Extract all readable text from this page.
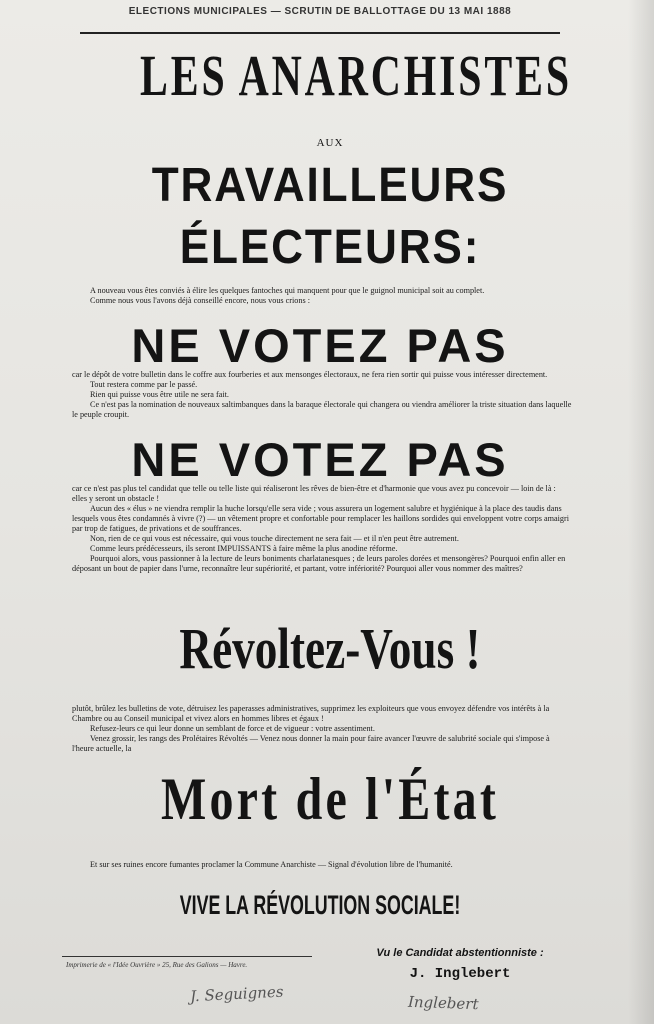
ELECTIONS MUNICIPALES — SCRUTIN DE BALLOTTAGE DU 13 MAI 1888
LES ANARCHISTES
AUX
TRAVAILLEURS
ÉLECTEURS:
A nouveau vous êtes conviés à élire les quelques fantoches qui manquent pour que le guignol municipal soit au complet.
Comme nous vous l'avons déjà conseillé encore, nous vous crions :
NE VOTEZ PAS
car le dépôt de votre bulletin dans le coffre aux fourberies et aux mensonges électoraux, ne fera rien sortir qui puisse vous intéresser directement.
Tout restera comme par le passé.
Rien qui puisse vous être utile ne sera fait.
Ce n'est pas la nomination de nouveaux saltimbanques dans la baraque électorale qui changera ou viendra améliorer la triste situation dans laquelle le peuple croupit.
NE VOTEZ PAS
car ce n'est pas plus tel candidat que telle ou telle liste qui réaliseront les rêves de bien-être et d'harmonie que vous avez pu concevoir — loin de là : elles y seront un obstacle !
Aucun des « élus » ne viendra remplir la huche lorsqu'elle sera vide ; vous assurera un logement salubre et hygiénique à la place des taudis dans lesquels vous êtes condamnés à vivre (?) — un vêtement propre et confortable pour remplacer les haillons sordides qui enveloppent votre corps amaigri par trop de fatigues, de privations et de souffrances.
Non, rien de ce qui vous est nécessaire, qui vous touche directement ne sera fait — et il n'en peut être autrement.
Comme leurs prédécesseurs, ils seront IMPUISSANTS à faire même la plus anodine réforme.
Pourquoi alors, vous passionner à la lecture de leurs boniments charlatanesques ; de leurs paroles dorées et mensongères? Pourquoi enfin aller en déposant un bout de papier dans l'urne, reconnaître leur supériorité, et partant, votre infériorité? Pourquoi aller vous nommer des maîtres?
Révoltez-Vous !
plutôt, brûlez les bulletins de vote, détruisez les paperasses administratives, supprimez les exploiteurs que vous envoyez défendre vos intérêts à la Chambre ou au Conseil municipal et vivez alors en hommes libres et égaux !
Refusez-leurs ce qui leur donne un semblant de force et de vigueur : votre assentiment.
Venez grossir, les rangs des Prolétaires Révoltés — Venez nous donner la main pour faire avancer l'œuvre de salubrité sociale qui s'impose à l'heure actuelle, la
Mort de l'État
Et sur ses ruines encore fumantes proclamer la Commune Anarchiste — Signal d'évolution libre de l'humanité.
VIVE LA RÉVOLUTION SOCIALE!
Imprimerie de « l'Idée Ouvrière » 25, Rue des Galions — Havre.
Vu le Candidat abstentionniste :
J. Inglebert
J. Seguignes	Inglebert
